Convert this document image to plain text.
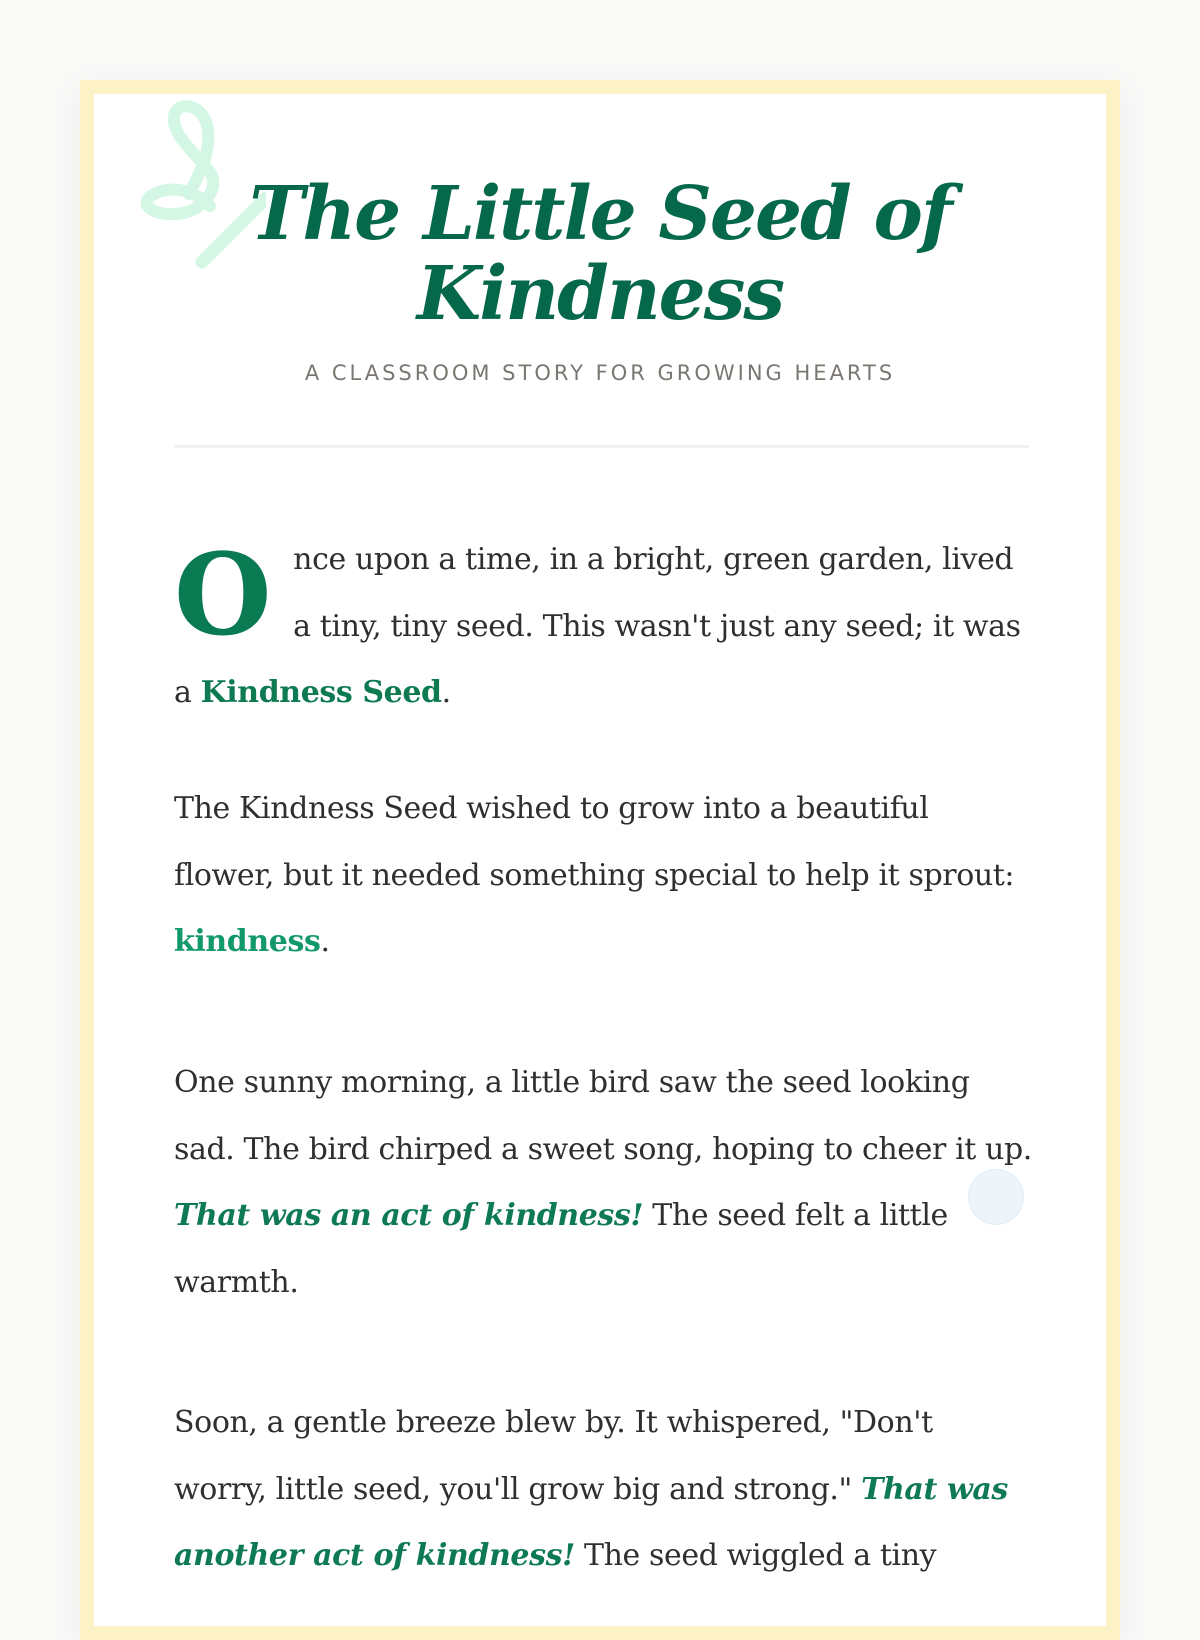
The Little Seed of Kindness
A CLASSROOM STORY FOR GROWING HEARTS

Once upon a time, in a bright, green garden, lived a tiny, tiny seed. This wasn't just any seed; it was a Kindness Seed.

The Kindness Seed wished to grow into a beautiful flower, but it needed something special to help it sprout: kindness.

One sunny morning, a little bird saw the seed looking sad. The bird chirped a sweet song, hoping to cheer it up. That was an act of kindness! The seed felt a little warmth.

Soon, a gentle breeze blew by. It whispered, "Don't worry, little seed, you'll grow big and strong." That was another act of kindness! The seed wiggled a tiny
